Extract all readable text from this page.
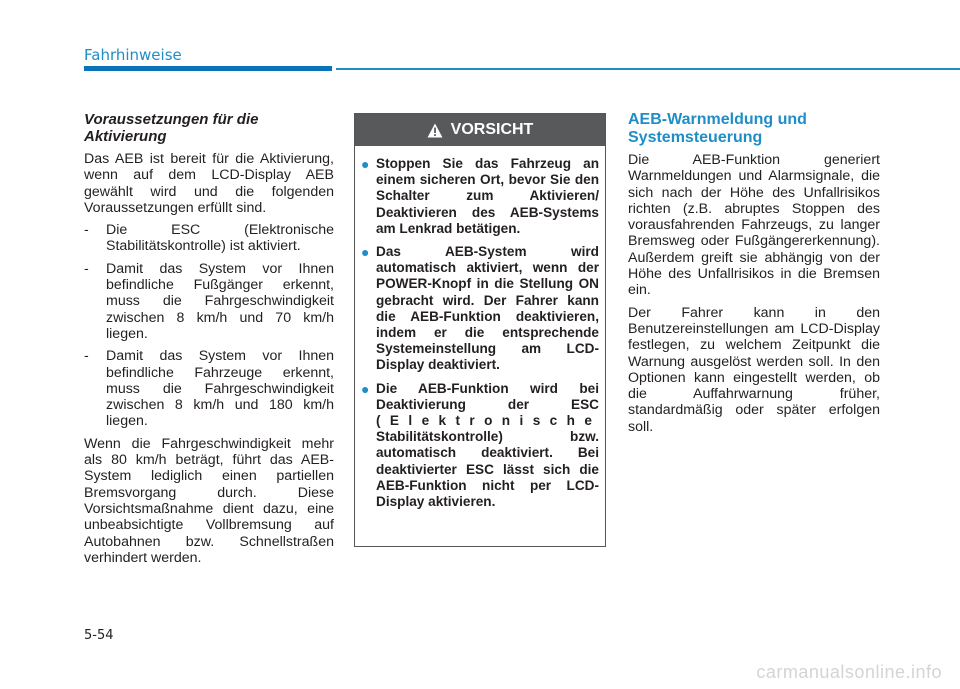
Fahrhinweise

Voraussetzungen für die Aktivierung

Das AEB ist bereit für die Aktivierung, wenn auf dem LCD-Display AEB gewählt wird und die folgenden Voraussetzungen erfüllt sind.

- Die ESC (Elektronische Stabilitätskontrolle) ist aktiviert.
- Damit das System vor Ihnen befindliche Fußgänger erkennt, muss die Fahrgeschwindigkeit zwischen 8 km/h und 70 km/h liegen.
- Damit das System vor Ihnen befindliche Fahrzeuge erkennt, muss die Fahrgeschwindigkeit zwischen 8 km/h und 180 km/h liegen.

Wenn die Fahrgeschwindigkeit mehr als 80 km/h beträgt, führt das AEB-System lediglich einen partiellen Bremsvorgang durch. Diese Vorsichtsmaßnahme dient dazu, eine unbeabsichtigte Vollbremsung auf Autobahnen bzw. Schnellstraßen verhindert werden.

VORSICHT
● Stoppen Sie das Fahrzeug an einem sicheren Ort, bevor Sie den Schalter zum Aktivieren/ Deaktivieren des AEB-Systems am Lenkrad betätigen.
● Das AEB-System wird automatisch aktiviert, wenn der POWER-Knopf in die Stellung ON gebracht wird. Der Fahrer kann die AEB-Funktion deaktivieren, indem er die entsprechende Systemeinstellung am LCD-Display deaktiviert.
● Die AEB-Funktion wird bei Deaktivierung der ESC (Elektronische Stabilitätskontrolle) bzw. automatisch deaktiviert. Bei deaktivierter ESC lässt sich die AEB-Funktion nicht per LCD-Display aktivieren.

AEB-Warnmeldung und Systemsteuerung

Die AEB-Funktion generiert Warnmeldungen und Alarmsignale, die sich nach der Höhe des Unfallrisikos richten (z.B. abruptes Stoppen des vorausfahrenden Fahrzeugs, zu langer Bremsweg oder Fußgängererkennung). Außerdem greift sie abhängig von der Höhe des Unfallrisikos in die Bremsen ein.

Der Fahrer kann in den Benutzereinstellungen am LCD-Display festlegen, zu welchem Zeitpunkt die Warnung ausgelöst werden soll. In den Optionen kann eingestellt werden, ob die Auffahrwarnung früher, standardmäßig oder später erfolgen soll.

5-54
carmanualsonline.info
